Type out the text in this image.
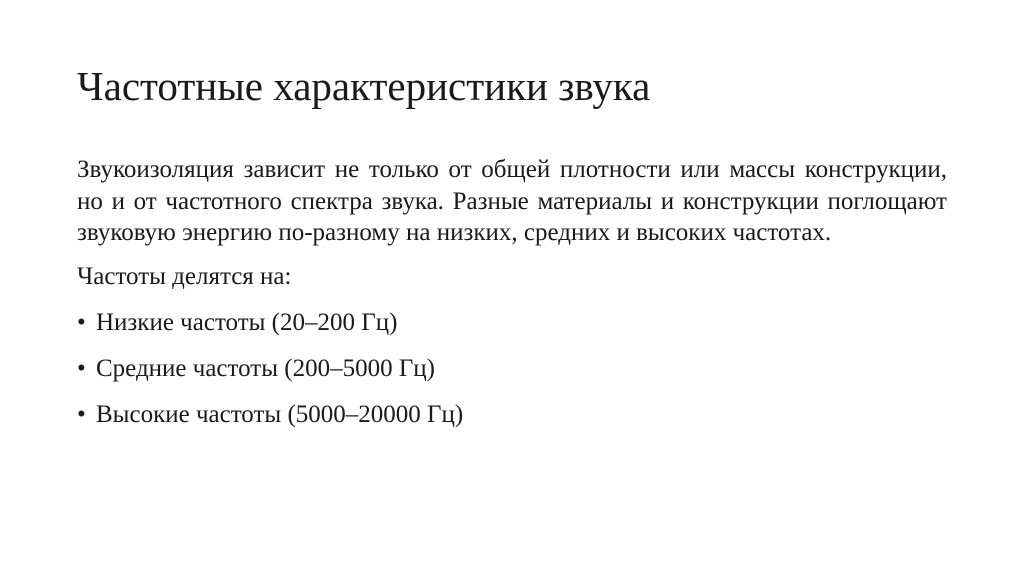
Частотные характеристики звука

Звукоизоляция зависит не только от общей плотности или массы конструкции, но и от частотного спектра звука. Разные материалы и конструкции поглощают звуковую энергию по-разному на низких, средних и высоких частотах.

Частоты делятся на:

• Низкие частоты (20–200 Гц)
• Средние частоты (200–5000 Гц)
• Высокие частоты (5000–20000 Гц)
